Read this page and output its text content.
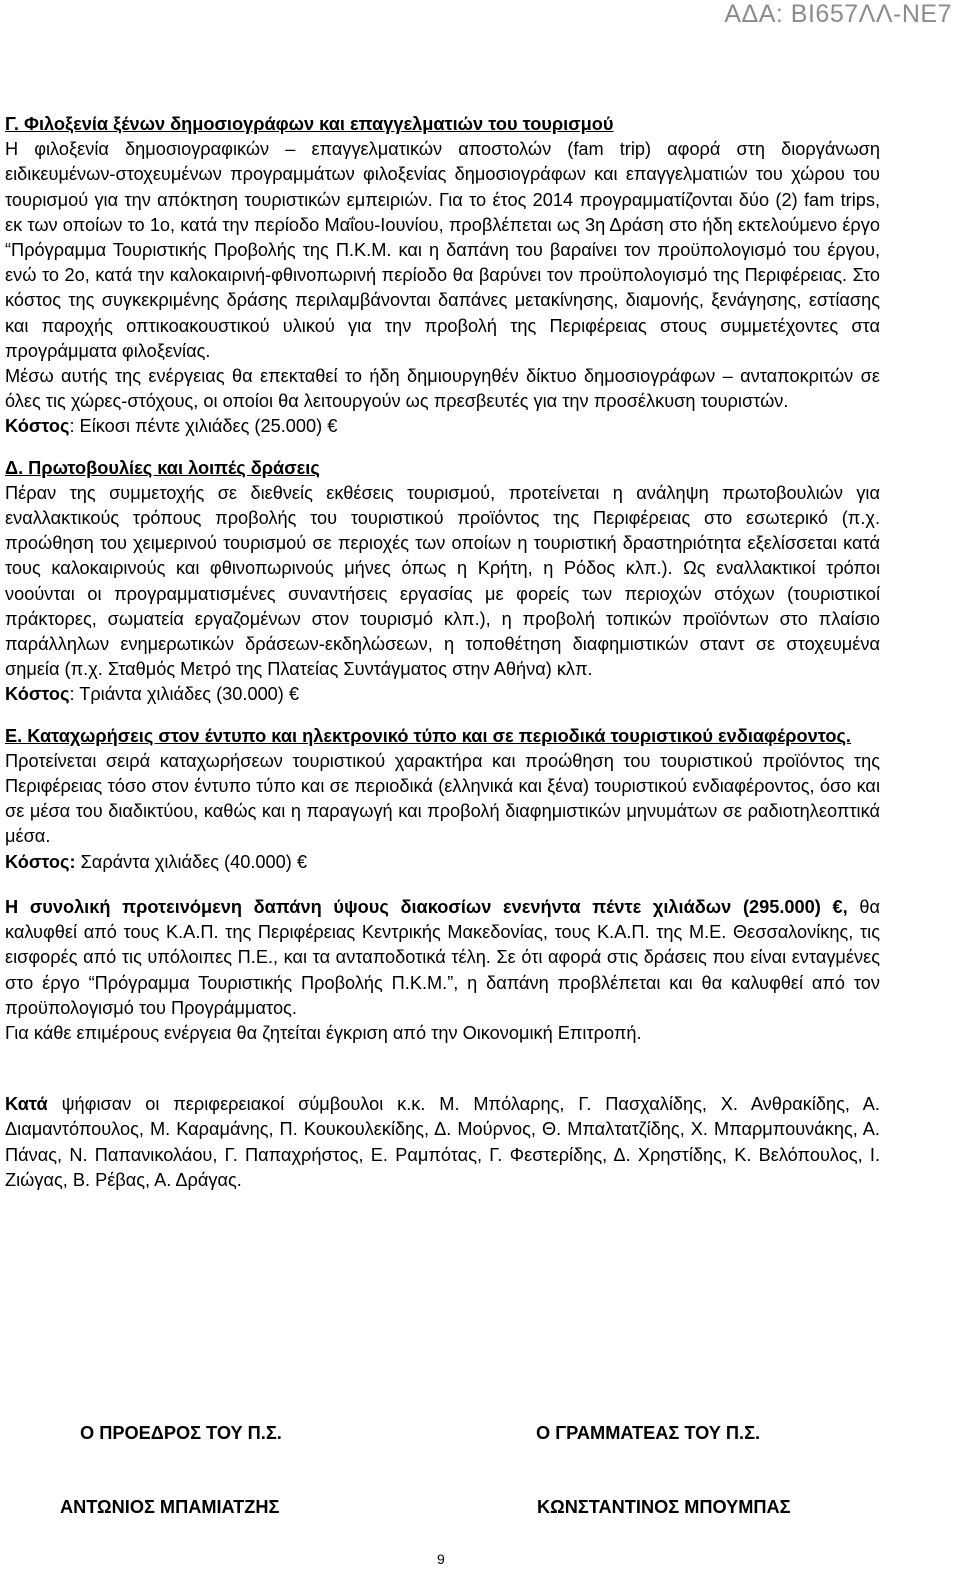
ΑΔΑ: ΒΙ657ΛΛ-ΝΕ7

Γ. Φιλοξενία ξένων δημοσιογράφων και επαγγελματιών του τουρισμού

Η φιλοξενία δημοσιογραφικών – επαγγελματικών αποστολών (fam trip) αφορά στη διοργάνωση ειδικευμένων-στοχευμένων προγραμμάτων φιλοξενίας δημοσιογράφων και επαγγελματιών του χώρου του τουρισμού για την απόκτηση τουριστικών εμπειριών. Για το έτος 2014 προγραμματίζονται δύο (2) fam trips, εκ των οποίων το 1ο, κατά την περίοδο Μαΐου-Ιουνίου, προβλέπεται ως 3η Δράση στο ήδη εκτελούμενο έργο “Πρόγραμμα Τουριστικής Προβολής της Π.Κ.Μ. και η δαπάνη του βαραίνει τον προϋπολογισμό του έργου, ενώ το 2ο, κατά την καλοκαιρινή-φθινοπωρινή περίοδο θα βαρύνει τον προϋπολογισμό της Περιφέρειας. Στο κόστος της συγκεκριμένης δράσης περιλαμβάνονται δαπάνες μετακίνησης, διαμονής, ξενάγησης, εστίασης και παροχής οπτικοακουστικού υλικού για την προβολή της Περιφέρειας στους συμμετέχοντες στα προγράμματα φιλοξενίας.

Μέσω αυτής της ενέργειας θα επεκταθεί το ήδη δημιουργηθέν δίκτυο δημοσιογράφων – ανταποκριτών σε όλες τις χώρες-στόχους, οι οποίοι θα λειτουργούν ως πρεσβευτές για την προσέλκυση τουριστών.

Κόστος: Είκοσι πέντε χιλιάδες (25.000) €

Δ. Πρωτοβουλίες και λοιπές δράσεις

Πέραν της συμμετοχής σε διεθνείς εκθέσεις τουρισμού, προτείνεται η ανάληψη πρωτοβουλιών για εναλλακτικούς τρόπους προβολής του τουριστικού προϊόντος της Περιφέρειας στο εσωτερικό (π.χ. προώθηση του χειμερινού τουρισμού σε περιοχές των οποίων η τουριστική δραστηριότητα εξελίσσεται κατά τους καλοκαιρινούς και φθινοπωρινούς μήνες όπως η Κρήτη, η Ρόδος κλπ.). Ως εναλλακτικοί τρόποι νοούνται οι προγραμματισμένες συναντήσεις εργασίας με φορείς των περιοχών στόχων (τουριστικοί πράκτορες, σωματεία εργαζομένων στον τουρισμό κλπ.), η προβολή τοπικών προϊόντων στο πλαίσιο παράλληλων ενημερωτικών δράσεων-εκδηλώσεων, η τοποθέτηση διαφημιστικών σταντ σε στοχευμένα σημεία (π.χ. Σταθμός Μετρό της Πλατείας Συντάγματος στην Αθήνα) κλπ.

Κόστος: Τριάντα χιλιάδες (30.000) €

Ε. Καταχωρήσεις στον έντυπο και ηλεκτρονικό τύπο και σε περιοδικά τουριστικού ενδιαφέροντος.

Προτείνεται σειρά καταχωρήσεων τουριστικού χαρακτήρα και προώθηση του τουριστικού προϊόντος της Περιφέρειας τόσο στον έντυπο τύπο και σε περιοδικά (ελληνικά και ξένα) τουριστικού ενδιαφέροντος, όσο και σε μέσα του διαδικτύου, καθώς και η παραγωγή και προβολή διαφημιστικών μηνυμάτων σε ραδιοτηλεοπτικά μέσα.

Κόστος: Σαράντα χιλιάδες (40.000) €

Η συνολική προτεινόμενη δαπάνη ύψους διακοσίων ενενήντα πέντε χιλιάδων (295.000) €, θα καλυφθεί από τους Κ.Α.Π. της Περιφέρειας Κεντρικής Μακεδονίας, τους Κ.Α.Π. της Μ.Ε. Θεσσαλονίκης, τις εισφορές από τις υπόλοιπες Π.Ε., και τα ανταποδοτικά τέλη. Σε ότι αφορά στις δράσεις που είναι ενταγμένες στο έργο “Πρόγραμμα Τουριστικής Προβολής Π.Κ.Μ.”, η δαπάνη προβλέπεται και θα καλυφθεί από τον προϋπολογισμό του Προγράμματος.

Για κάθε επιμέρους ενέργεια θα ζητείται έγκριση από την Οικονομική Επιτροπή.

Κατά ψήφισαν οι περιφερειακοί σύμβουλοι κ.κ. Μ. Μπόλαρης, Γ. Πασχαλίδης, Χ. Ανθρακίδης, Α. Διαμαντόπουλος, Μ. Καραμάνης, Π. Κουκουλεκίδης, Δ. Μούρνος, Θ. Μπαλτατζίδης, Χ. Μπαρμπουνάκης, Α. Πάνας, Ν. Παπανικολάου, Γ. Παπαχρήστος, Ε. Ραμπότας, Γ. Φεστερίδης, Δ. Χρηστίδης, Κ. Βελόπουλος, Ι. Ζιώγας, Β. Ρέβας, Α. Δράγας.

Ο ΠΡΟΕΔΡΟΣ ΤΟΥ Π.Σ.	Ο ΓΡΑΜΜΑΤΕΑΣ ΤΟΥ Π.Σ.
ΑΝΤΩΝΙΟΣ ΜΠΑΜΙΑΤΖΗΣ	ΚΩΝΣΤΑΝΤΙΝΟΣ ΜΠΟΥΜΠΑΣ
9
